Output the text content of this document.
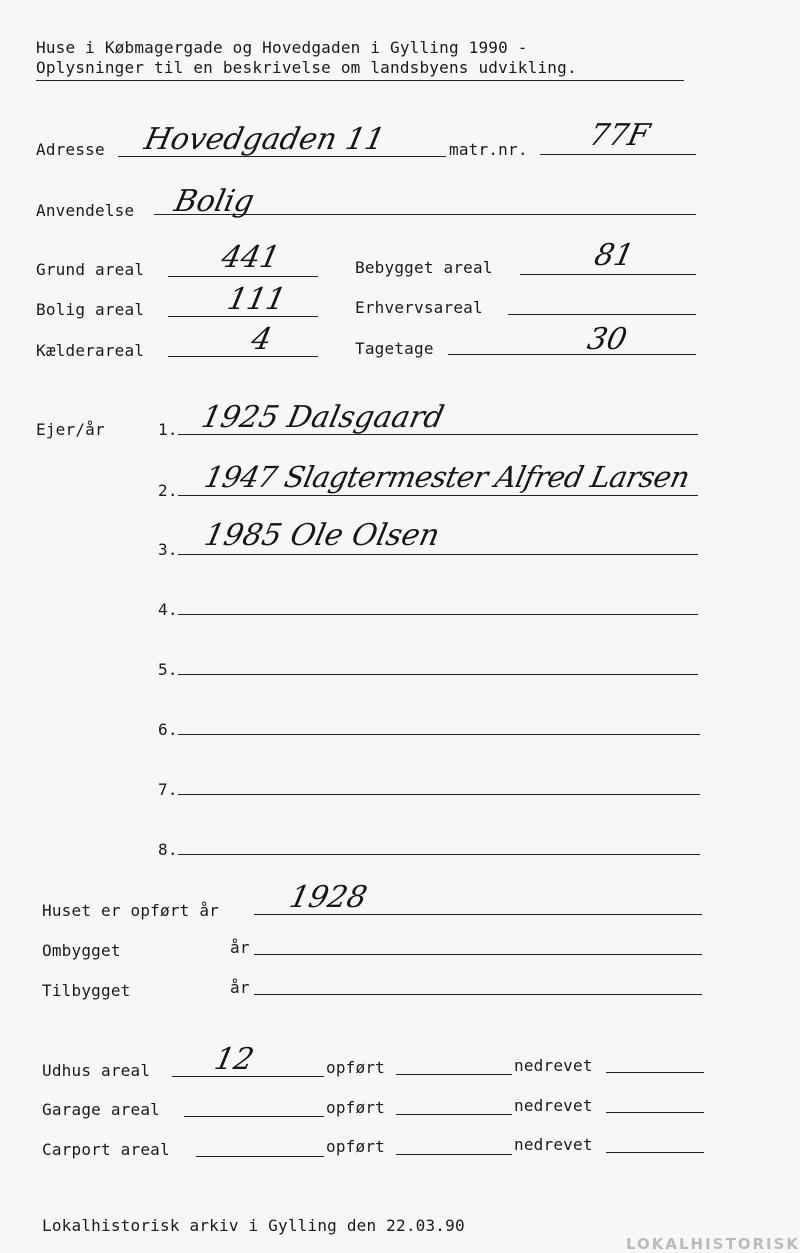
Huse i Købmagergade og Hovedgaden i Gylling 1990 -
Oplysninger til en beskrivelse om landsbyens udvikling.
Adresse Hovedgaden 11	matr.nr. 77F
Anvendelse Bolig
Grund areal 441	Bebygget areal	81
Bolig areal	111	Erhvervsareal
Kælderareal	4	Tagetage	30
Ejer/år	1. 1925 Dalsgaard
2. 1947 Slagtermester Alfred Larsen
3. 1985 Ole Olsen
4.
5.
6.
7.
8.
Huset er opført år 1928
Ombygget	år
Tilbygget	år
Udhus areal 12	opført	nedrevet
Garage areal	opført	nedrevet
Carport areal	opført	nedrevet
Lokalhistorisk arkiv i Gylling den 22.03.90
LOKALHISTORISK
